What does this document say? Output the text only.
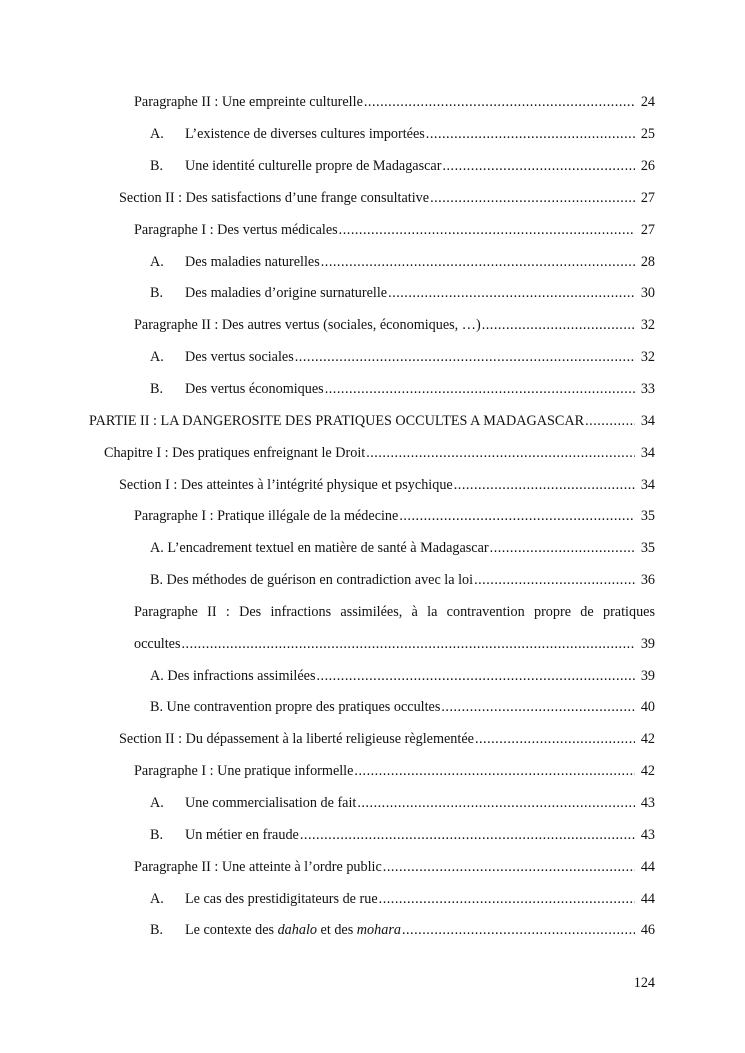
Paragraphe II : Une empreinte culturelle .....	24
A.	L’existence de diverses cultures importées .....	25
B.	Une identité culturelle propre de Madagascar .....	26
Section II : Des satisfactions d’une frange consultative .....	27
Paragraphe I : Des vertus médicales .....	27
A.	Des maladies naturelles .....	28
B.	Des maladies d’origine surnaturelle .....	30
Paragraphe II : Des autres vertus (sociales, économiques, …) .....	32
A.	Des vertus sociales .....	32
B.	Des vertus économiques .....	33
PARTIE II : LA DANGEROSITE DES PRATIQUES OCCULTES A MADAGASCAR .....	34
Chapitre I : Des pratiques enfreignant le Droit .....	34
Section I : Des atteintes à l’intégrité physique et psychique .....	34
Paragraphe I : Pratique illégale de la médecine .....	35
A. L’encadrement textuel en matière de santé à Madagascar .....	35
B. Des méthodes de guérison en contradiction avec la loi .....	36
Paragraphe II : Des infractions assimilées, à la contravention propre de pratiques
occultes .....	39
A. Des infractions assimilées .....	39
B. Une contravention propre des pratiques occultes .....	40
Section II : Du dépassement à la liberté religieuse règlementée .....	42
Paragraphe I : Une pratique informelle .....	42
A.	Une commercialisation de fait .....	43
B.	Un métier en fraude .....	43
Paragraphe II : Une atteinte à l’ordre public .....	44
A.	Le cas des prestidigitateurs de rue .....	44
B.	Le contexte des dahalo et des mohara .....	46
124
